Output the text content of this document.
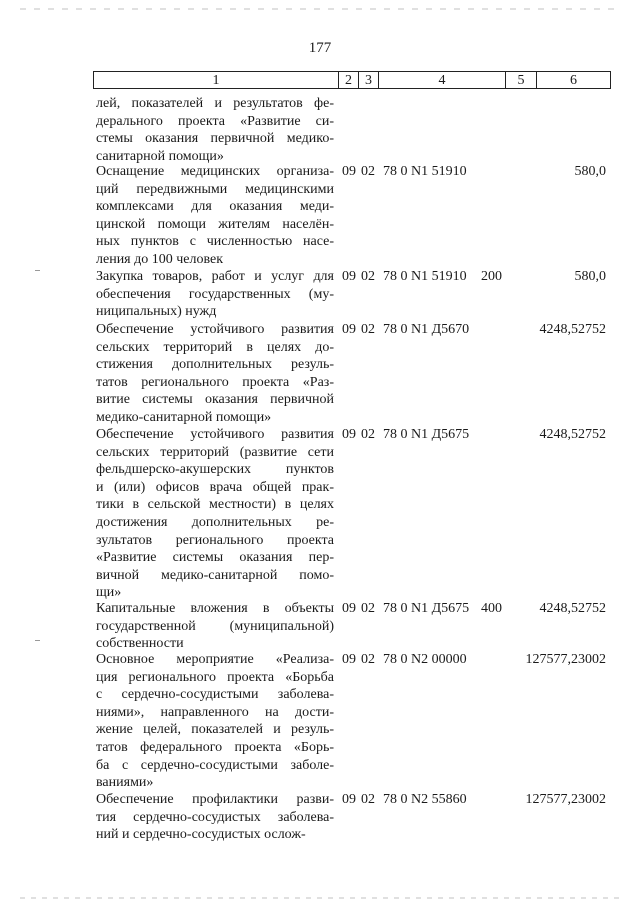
177
1	2 3	4	5	6
лей, показателей и результатов фе-
дерального проекта «Развитие си-
стемы оказания первичной медико-
санитарной помощи»
Оснащение медицинских организа-
ций передвижными медицинскими
комплексами для оказания меди-
цинской помощи жителям населён-
ных пунктов с численностью насе-
ления до 100 человек
09 02 78 0 N1 51910	580,0
Закупка товаров, работ и услуг для
обеспечения государственных (му-
ниципальных) нужд
09 02 78 0 N1 51910 200	580,0
Обеспечение устойчивого развития
сельских территорий в целях до-
стижения дополнительных резуль-
татов регионального проекта «Раз-
витие системы оказания первичной
медико-санитарной помощи»
09 02 78 0 N1 Д5670	4248,52752
Обеспечение устойчивого развития
сельских территорий (развитие сети
фельдшерско-акушерских пунктов
и (или) офисов врача общей прак-
тики в сельской местности) в целях
достижения дополнительных ре-
зультатов регионального проекта
«Развитие системы оказания пер-
вичной медико-санитарной помо-
щи»
09 02 78 0 N1 Д5675	4248,52752
Капитальные вложения в объекты
государственной (муниципальной)
собственности
09 02 78 0 N1 Д5675 400	4248,52752
Основное мероприятие «Реализа-
ция регионального проекта «Борьба
с сердечно-сосудистыми заболева-
ниями», направленного на дости-
жение целей, показателей и резуль-
татов федерального проекта «Борь-
ба с сердечно-сосудистыми заболе-
ваниями»
09 02 78 0 N2 00000	127577,23002
Обеспечение профилактики разви-
тия сердечно-сосудистых заболева-
ний и сердечно-сосудистых ослож-
09 02 78 0 N2 55860	127577,23002
